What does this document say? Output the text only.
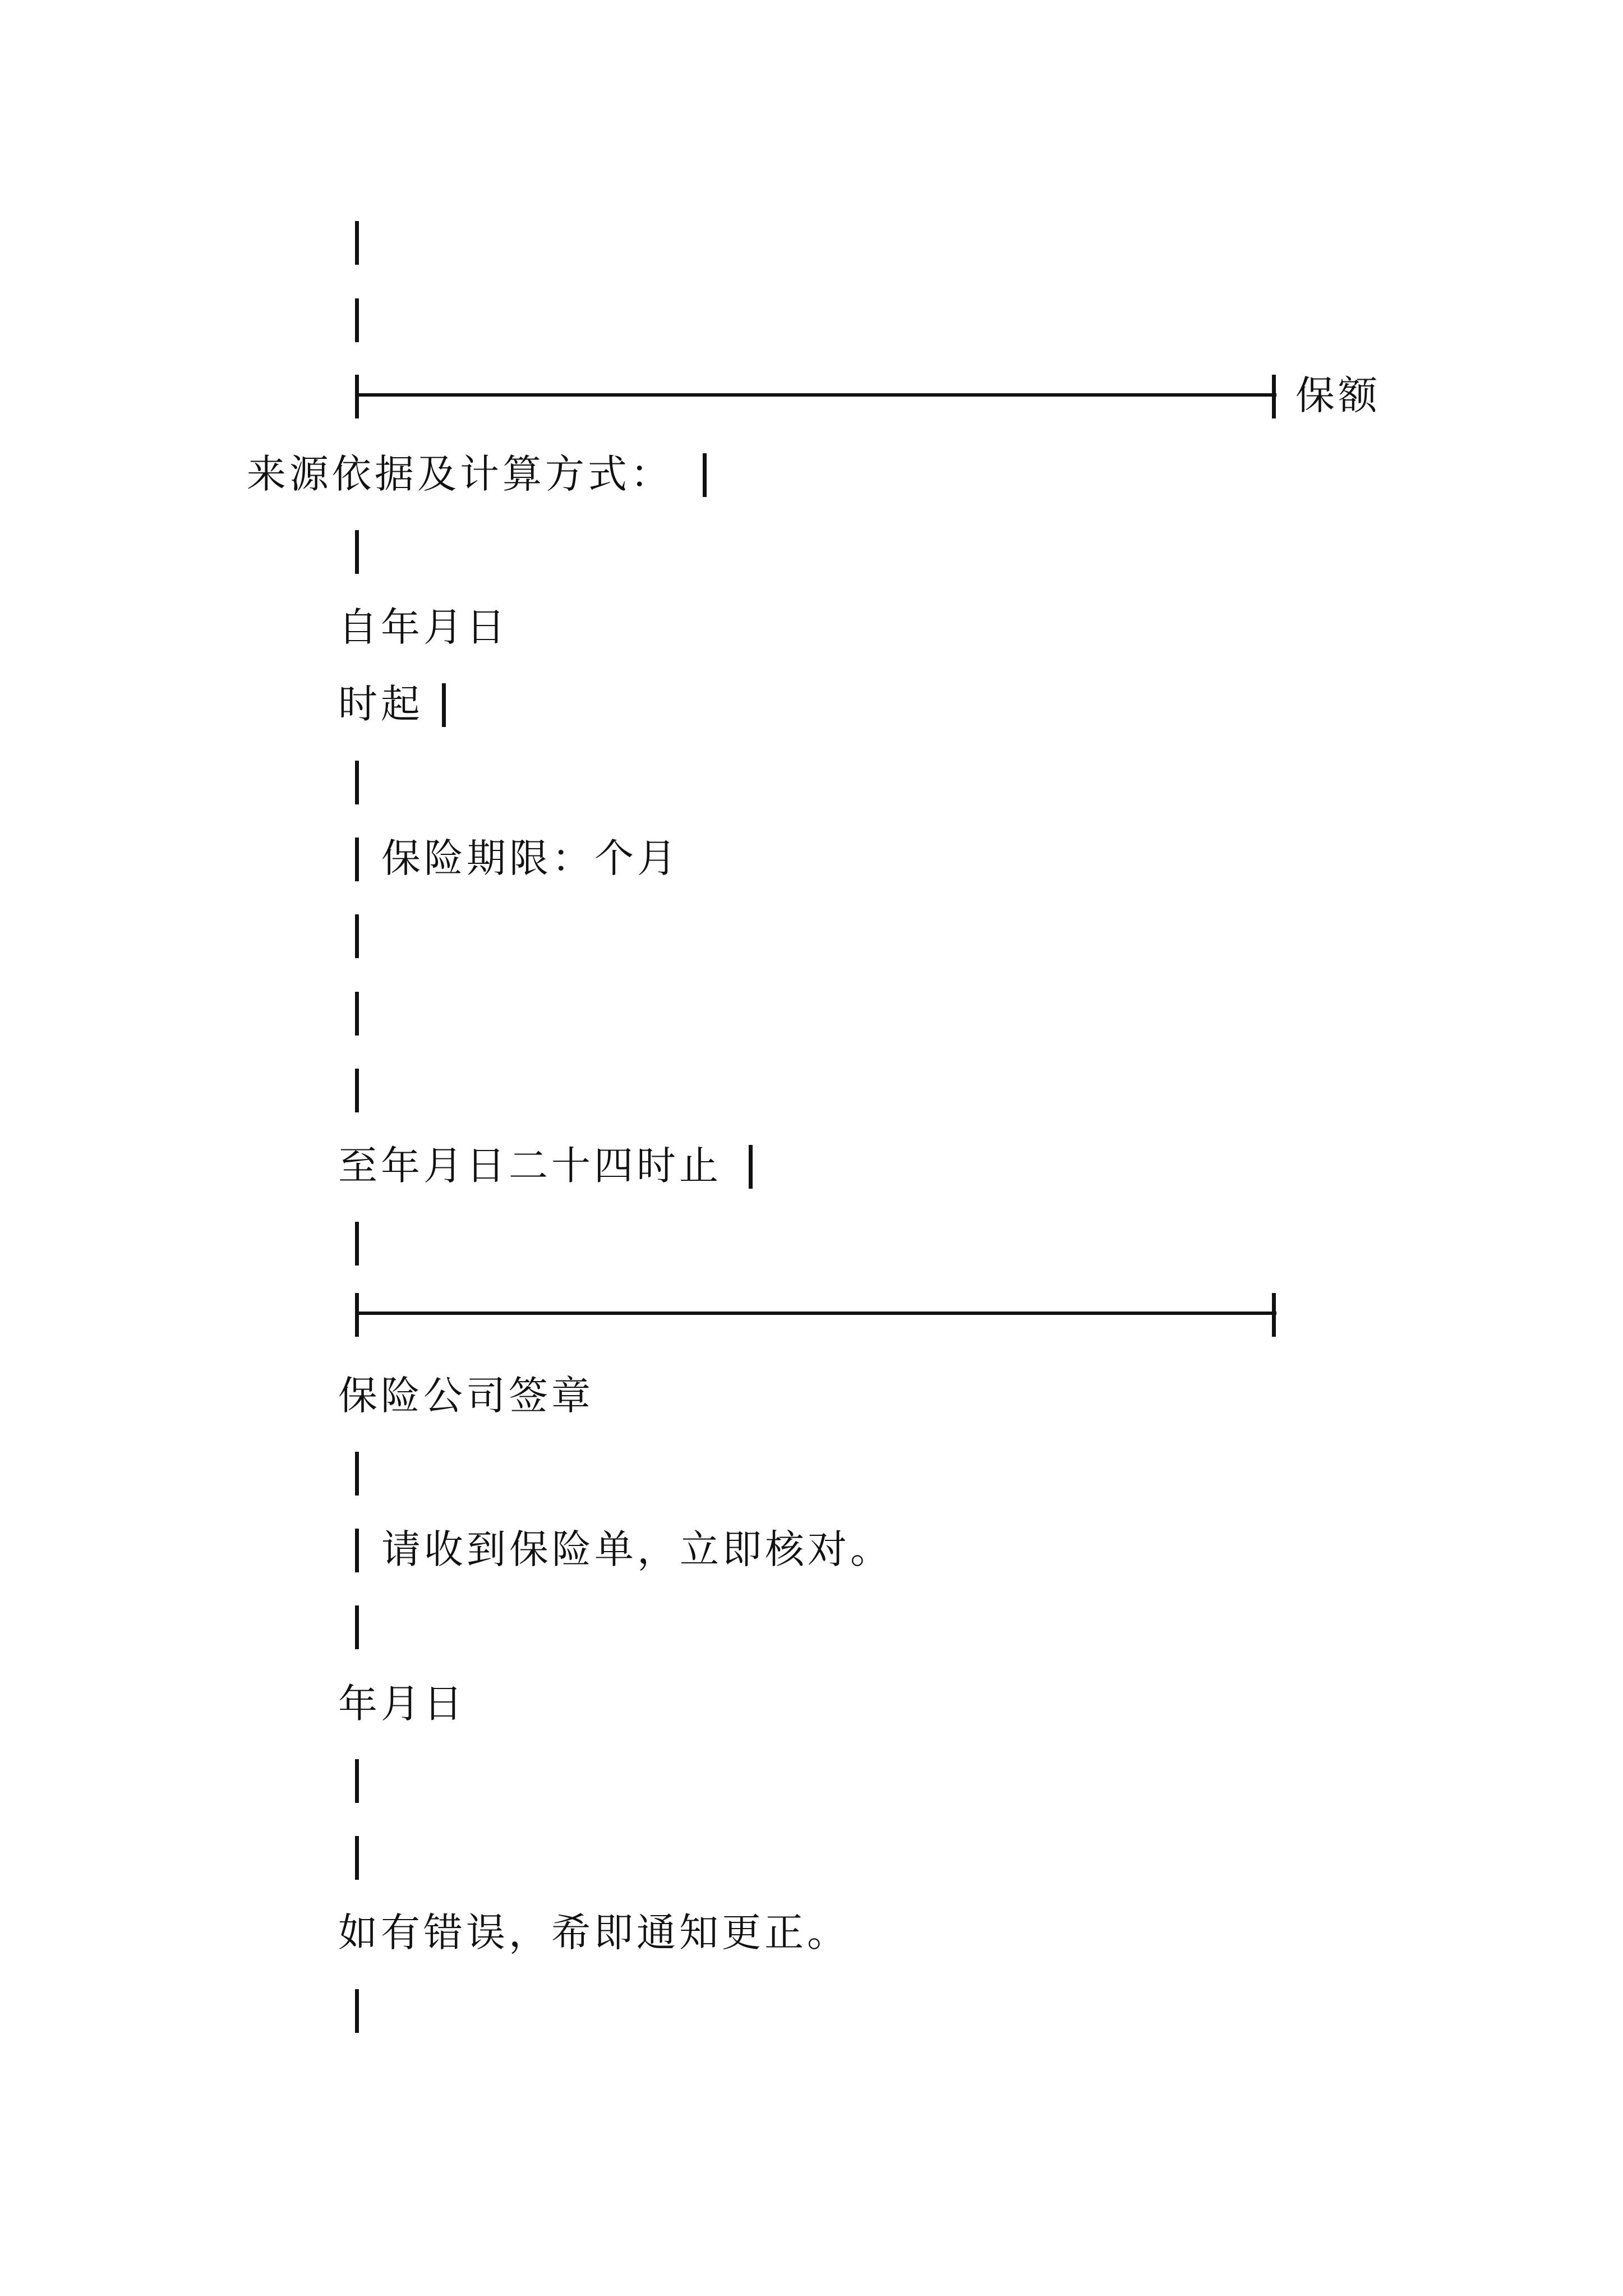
保额
来源依据及计算方式：
自年月日
时起
保险期限：个月
至年月日二十四时止
保险公司签章
请收到保险单，立即核对。
年月日
如有错误，希即通知更正。
